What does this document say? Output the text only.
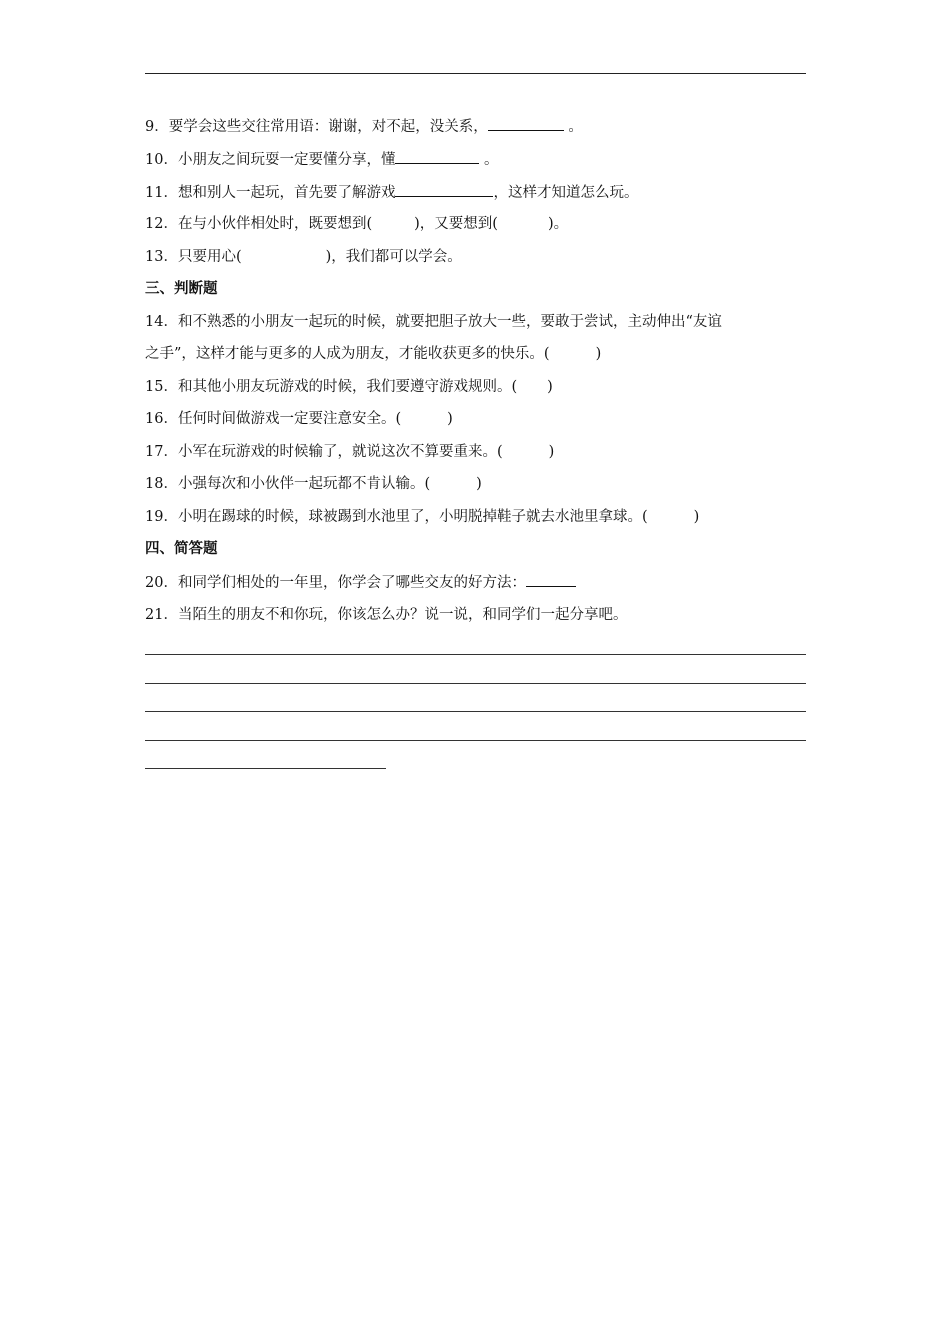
9．要学会这些交往常用语：谢谢，对不起，没关系，	。
10．小朋友之间玩耍一定要懂分享，懂	。
11．想和别人一起玩，首先要了解游戏	，这样才知道怎么玩。
12．在与小伙伴相处时，既要想到(	)，又要想到(	)。
13．只要用心(	)，我们都可以学会。
三、判断题
14．和不熟悉的小朋友一起玩的时候，就要把胆子放大一些，要敢于尝试，主动伸出“友谊
之手”，这样才能与更多的人成为朋友，才能收获更多的快乐。(	)
15．和其他小朋友玩游戏的时候，我们要遵守游戏规则。( )
16．任何时间做游戏一定要注意安全。(	)
17．小军在玩游戏的时候输了，就说这次不算要重来。(	)
18．小强每次和小伙伴一起玩都不肯认输。(	)
19．小明在踢球的时候，球被踢到水池里了，小明脱掉鞋子就去水池里拿球。(	)
四、简答题
20．和同学们相处的一年里，你学会了哪些交友的好方法：
21．当陌生的朋友不和你玩，你该怎么办？说一说，和同学们一起分享吧。
